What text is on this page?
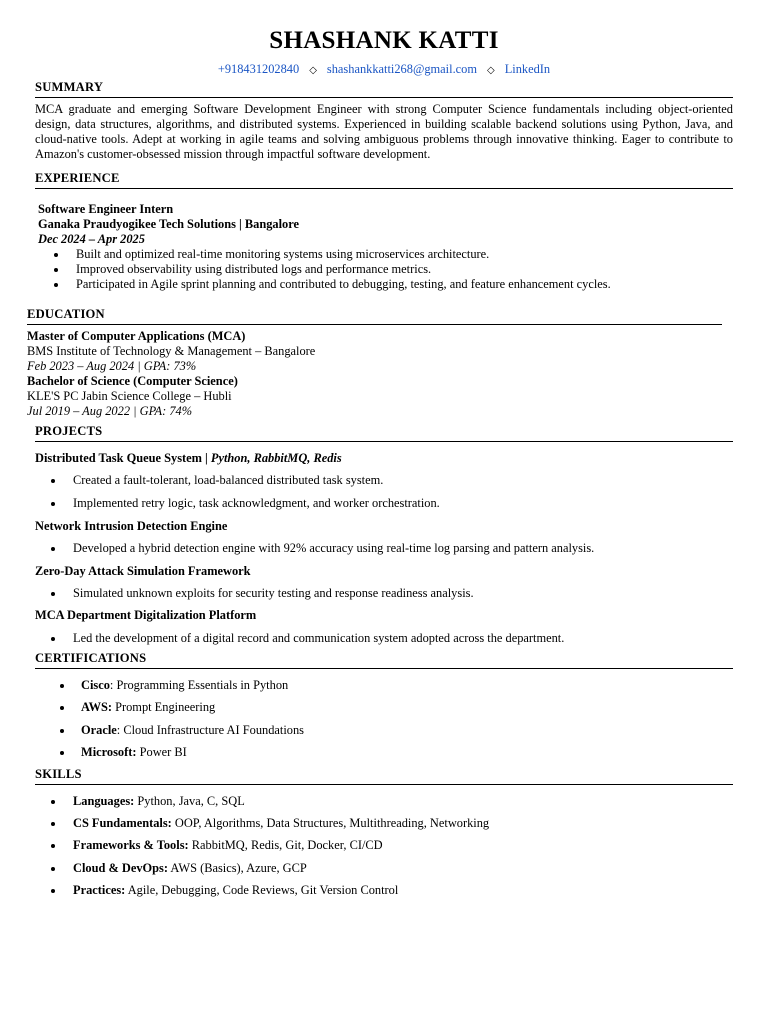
SHASHANK KATTI
+918431202840 ◇ shashankkatti268@gmail.com ◇ LinkedIn
SUMMARY
MCA graduate and emerging Software Development Engineer with strong Computer Science fundamentals including object-oriented design, data structures, algorithms, and distributed systems. Experienced in building scalable backend solutions using Python, Java, and cloud-native tools. Adept at working in agile teams and solving ambiguous problems through innovative thinking. Eager to contribute to Amazon's customer-obsessed mission through impactful software development.
EXPERIENCE
Software Engineer Intern
Ganaka Praudyogikee Tech Solutions | Bangalore
Dec 2024 – Apr 2025
Built and optimized real-time monitoring systems using microservices architecture.
Improved observability using distributed logs and performance metrics.
Participated in Agile sprint planning and contributed to debugging, testing, and feature enhancement cycles.
EDUCATION
Master of Computer Applications (MCA)
BMS Institute of Technology & Management – Bangalore
Feb 2023 – Aug 2024 | GPA: 73%
Bachelor of Science (Computer Science)
KLE'S PC Jabin Science College – Hubli
Jul 2019 – Aug 2022 | GPA: 74%
PROJECTS
Distributed Task Queue System | Python, RabbitMQ, Redis
Created a fault-tolerant, load-balanced distributed task system.
Implemented retry logic, task acknowledgment, and worker orchestration.
Network Intrusion Detection Engine
Developed a hybrid detection engine with 92% accuracy using real-time log parsing and pattern analysis.
Zero-Day Attack Simulation Framework
Simulated unknown exploits for security testing and response readiness analysis.
MCA Department Digitalization Platform
Led the development of a digital record and communication system adopted across the department.
CERTIFICATIONS
Cisco: Programming Essentials in Python
AWS: Prompt Engineering
Oracle: Cloud Infrastructure AI Foundations
Microsoft: Power BI
SKILLS
Languages: Python, Java, C, SQL
CS Fundamentals: OOP, Algorithms, Data Structures, Multithreading, Networking
Frameworks & Tools: RabbitMQ, Redis, Git, Docker, CI/CD
Cloud & DevOps: AWS (Basics), Azure, GCP
Practices: Agile, Debugging, Code Reviews, Git Version Control
